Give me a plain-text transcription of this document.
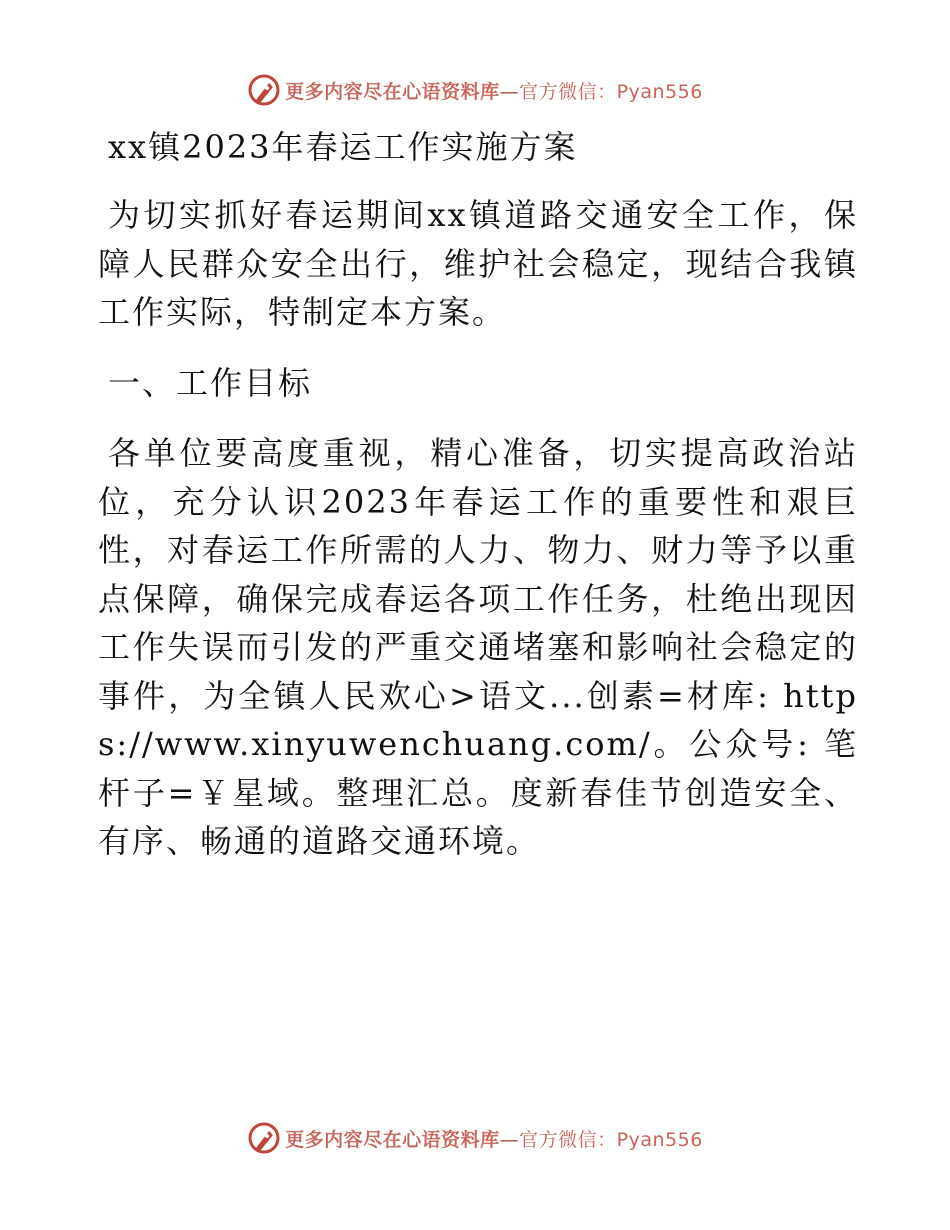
更多内容尽在心语资料库—官方微信：Pyan556
xx镇2023年春运工作实施方案

为切实抓好春运期间xx镇道路交通安全工作，保障人民群众安全出行，维护社会稳定，现结合我镇工作实际，特制定本方案。

一、工作目标

各单位要高度重视，精心准备，切实提高政治站位，充分认识2023年春运工作的重要性和艰巨性，对春运工作所需的人力、物力、财力等予以重点保障，确保完成春运各项工作任务，杜绝出现因工作失误而引发的严重交通堵塞和影响社会稳定的事件，为全镇人民欢心>语文...创素=材库: https://www.xinyuwenchuang.com/。公众号: 笔杆子=￥星域。整理汇总。度新春佳节创造安全、有序、畅通的道路交通环境。

更多内容尽在心语资料库—官方微信：Pyan556
